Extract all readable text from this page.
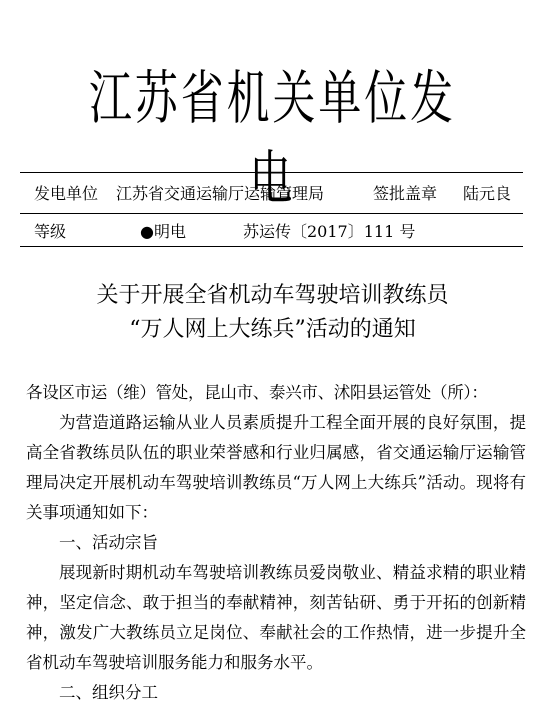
江苏省机关单位发电
发电单位 江苏省交通运输厅运输管理局	签批盖章 陆元良
等级	●明电	苏运传〔2017〕111 号
关于开展全省机动车驾驶培训教练员
“万人网上大练兵”活动的通知

各设区市运（维）管处，昆山市、泰兴市、沭阳县运管处（所）：

为营造道路运输从业人员素质提升工程全面开展的良好氛围，提高全省教练员队伍的职业荣誉感和行业归属感，省交通运输厅运输管理局决定开展机动车驾驶培训教练员“万人网上大练兵”活动。现将有关事项通知如下：

一、活动宗旨

展现新时期机动车驾驶培训教练员爱岗敬业、精益求精的职业精神，坚定信念、敢于担当的奉献精神，刻苦钻研、勇于开拓的创新精神，激发广大教练员立足岗位、奉献社会的工作热情，进一步提升全省机动车驾驶培训服务能力和服务水平。

二、组织分工
